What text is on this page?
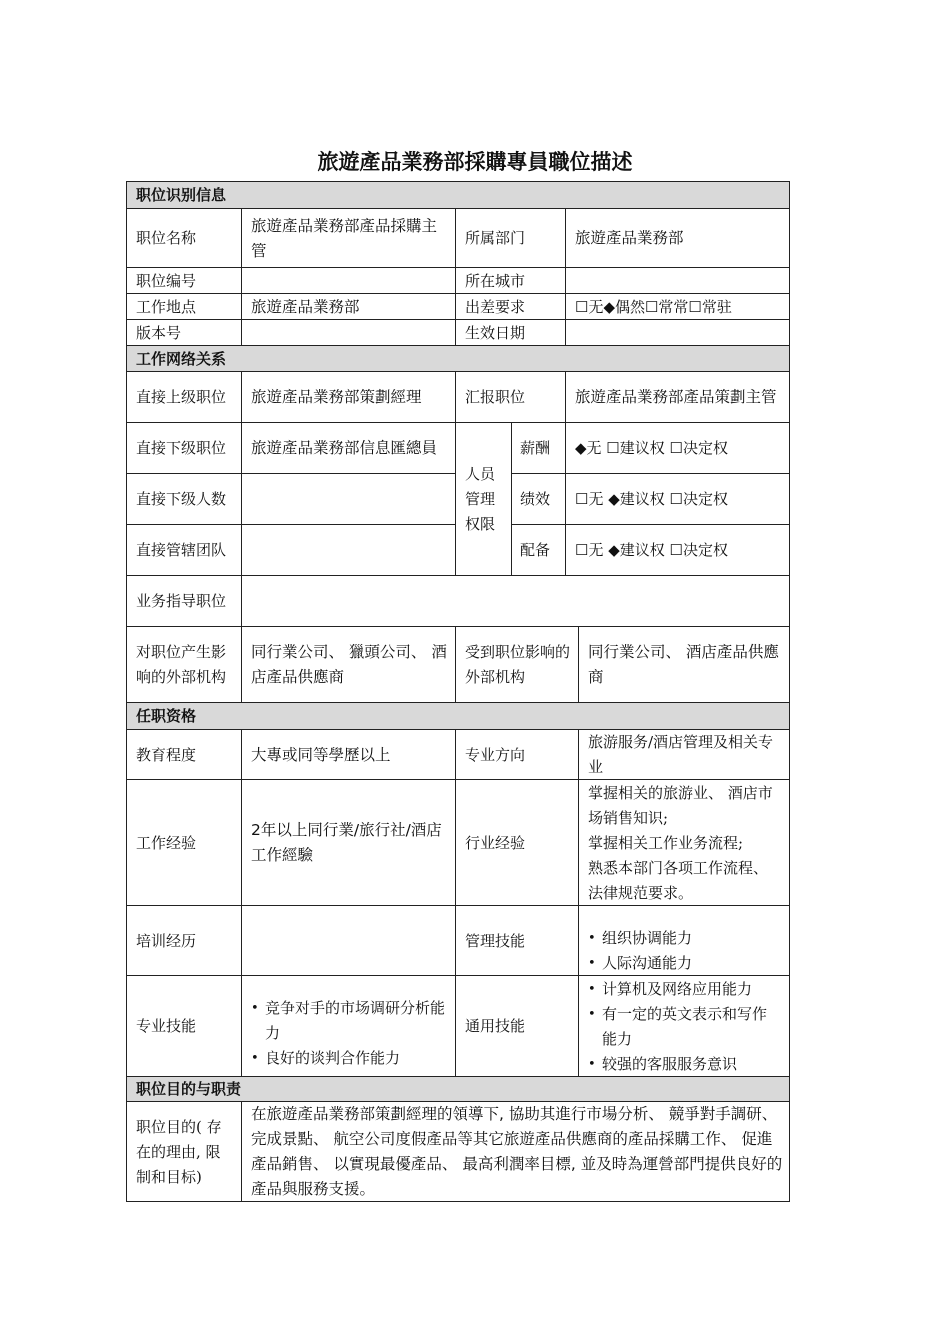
旅遊產品業務部採購專員職位描述
职位识别信息
职位名称
旅遊產品業務部產品採購主管
所属部门	旅遊產品業務部
职位编号	所在城市
工作地点	旅遊產品業務部	出差要求	☐无◆偶然☐常常☐常驻
版本号	生效日期
工作网络关系
直接上级职位	旅遊產品業務部策劃經理	汇报职位	旅遊產品業務部產品策劃主管
直接下级职位	旅遊產品業務部信息匯總員
直接下级人数
直接管辖团队
人员管理权限
薪酬	◆无 ☐建议权 ☐决定权
绩效	☐无 ◆建议权 ☐决定权
配备	☐无 ◆建议权 ☐决定权
业务指导职位
对职位产生影响的外部机构
同行業公司、 獵頭公司、 酒店產品供應商
受到职位影响的外部机构
同行業公司、 酒店產品供應商
任职资格
教育程度	大專或同等學歷以上	专业方向
旅游服务/酒店管理及相关专业
工作经验
2年以上同行業/旅行社/酒店工作經驗
行业经验
掌握相关的旅游业、 酒店市场销售知识;
掌握相关工作业务流程;
熟悉本部门各项工作流程、 法律规范要求。
培训经历	管理技能
•	组织协调能力
• 人际沟通能力
专业技能
• 竞争对手的市场调研分析能力
• 良好的谈判合作能力
通用技能
• 计算机及网络应用能力
• 有一定的英文表示和写作能力
• 较强的客服服务意识
职位目的与职责
职位目的( 存在的理由, 限制和目标)
在旅遊產品業務部策劃經理的領導下, 協助其進行市場分析、 競爭對手調研、 完成景點、 航空公司度假產品等其它旅遊產品供應商的產品採購工作、 促進產品銷售、 以實現最優產品、 最高利潤率目標, 並及時為運營部門提供良好的產品與服務支援。
